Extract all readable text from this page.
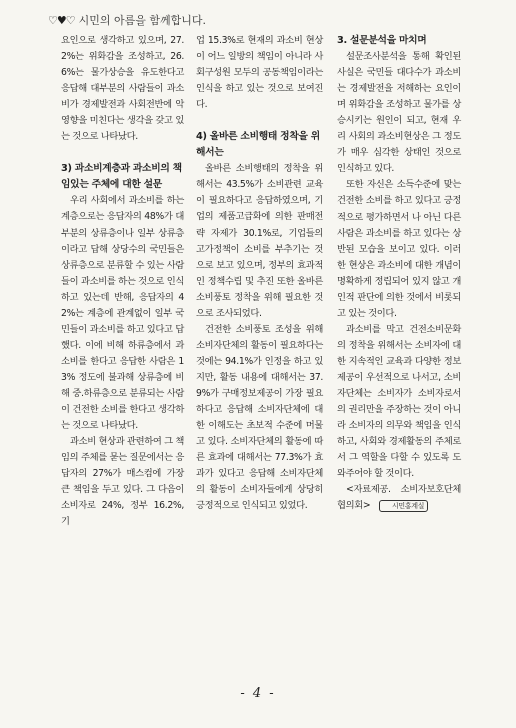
♡♥♡ 시민의 아름을 함께합니다.

요인으로 생각하고 있으며, 27.2%는 위화감을 조성하고, 26.6%는 물가상승을 유도한다고 응답해 대부분의 사람들이 과소비가 경제발전과 사회전반에 악영향을 미친다는 생각을 갖고 있는 것으로 나타났다.

3) 과소비계층과 과소비의 책임있는 주체에 대한 설문

우리 사회에서 과소비를 하는 계층으로는 응답자의 48%가 대부분의 상류층이나 일부 상류층이라고 답해 상당수의 국민들은 상류층으로 분류할 수 있는 사람들이 과소비를 하는 것으로 인식하고 있는데 반해, 응답자의 42%는 계층에 관계없이 일부 국민들이 과소비를 하고 있다고 답했다. 이에 비해 하류층에서 과소비를 한다고 응답한 사람은 13% 정도에 불과해 상류층에 비해 중.하류층으로 분류되는 사람이 건전한 소비를 한다고 생각하는 것으로 나타났다.

과소비 현상과 관련하여 그 책임의 주체를 묻는 질문에서는 응답자의 27%가 매스컴에 가장 큰 책임을 두고 있다. 그 다음이 소비자로 24%, 정부 16.2%, 기

업 15.3%로 현재의 과소비 현상이 어느 일방의 책임이 아니라 사회구성원 모두의 공동책임이라는 인식을 하고 있는 것으로 보여진다.

4) 올바른 소비행태 정착을 위해서는

올바른 소비행태의 정착을 위해서는 43.5%가 소비관련 교육이 필요하다고 응답하였으며, 기업의 제품고급화에 의한 판매전략 자제가 30.1%로, 기업들의 고가정책이 소비를 부추기는 것으로 보고 있으며, 정부의 효과적인 정책수립 및 추진 또한 올바른 소비풍토 정착을 위해 필요한 것으로 조사되었다.

건전한 소비풍토 조성을 위해 소비자단체의 활동이 필요하다는 것에는 94.1%가 인정을 하고 있지만, 활동 내용에 대해서는 37.9%가 구매정보제공이 가장 필요하다고 응답해 소비자단체에 대한 이해도는 초보적 수준에 머물고 있다. 소비자단체의 활동에 따른 효과에 대해서는 77.3%가 효과가 있다고 응답해 소비자단체의 활동이 소비자들에게 상당히 긍정적으로 인식되고 있었다.

3. 설문분석을 마치며

설문조사분석을 통해 확인된 사실은 국민들 대다수가 과소비는 경제발전을 저해하는 요인이며 위화감을 조성하고 물가를 상승시키는 원인이 되고, 현재 우리 사회의 과소비현상은 그 정도가 매우 심각한 상태인 것으로 인식하고 있다.

또한 자신은 소득수준에 맞는 건전한 소비를 하고 있다고 긍정적으로 평가하면서 나 아닌 다른 사람은 과소비를 하고 있다는 상반된 모습을 보이고 있다. 이러한 현상은 과소비에 대한 개념이 명확하게 정립되어 있지 않고 개인적 판단에 의한 것에서 비롯되고 있는 것이다.

과소비를 막고 건전소비문화의 정착을 위해서는 소비자에 대한 지속적인 교육과 다양한 정보제공이 우선적으로 나서고, 소비자단체는 소비자가 소비자로서의 권리만을 주장하는 것이 아니라 소비자의 의무와 책임을 인식하고, 사회와 경제활동의 주체로서 그 역할을 다할 수 있도록 도와주어야 할 것이다.

<자료제공. 소비자보호단체협의회>	시민홍계실

- 4 -
